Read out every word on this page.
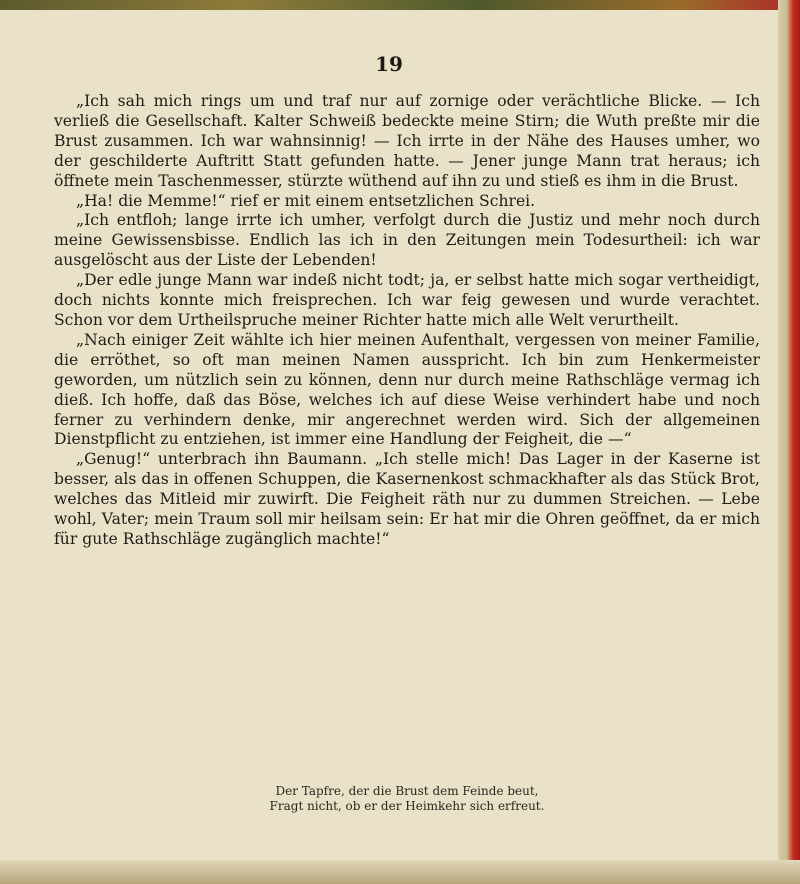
19

„Ich sah mich rings um und traf nur auf zornige oder verächtliche Blicke. — Ich verließ die Gesellschaft. Kalter Schweiß bedeckte meine Stirn; die Wuth preßte mir die Brust zusammen. Ich war wahnsinnig! — Ich irrte in der Nähe des Hauses umher, wo der geschilderte Auftritt Statt gefunden hatte. — Jener junge Mann trat heraus; ich öffnete mein Taschenmesser, stürzte wüthend auf ihn zu und stieß es ihm in die Brust.

„Ha! die Memme!“ rief er mit einem entsetzlichen Schrei.

„Ich entfloh; lange irrte ich umher, verfolgt durch die Justiz und mehr noch durch meine Gewissensbisse. Endlich las ich in den Zeitungen mein Todesurtheil: ich war ausgelöscht aus der Liste der Lebenden!

„Der edle junge Mann war indeß nicht todt; ja, er selbst hatte mich sogar vertheidigt, doch nichts konnte mich freisprechen. Ich war feig gewesen und wurde verachtet. Schon vor dem Urtheilspruche meiner Richter hatte mich alle Welt verurtheilt.

„Nach einiger Zeit wählte ich hier meinen Aufenthalt, vergessen von meiner Familie, die erröthet, so oft man meinen Namen ausspricht. Ich bin zum Henkermeister geworden, um nützlich sein zu können, denn nur durch meine Rathschläge vermag ich dieß. Ich hoffe, daß das Böse, welches ich auf diese Weise verhindert habe und noch ferner zu verhindern denke, mir angerechnet werden wird. Sich der allgemeinen Dienstpflicht zu entziehen, ist immer eine Handlung der Feigheit, die —“

„Genug!“ unterbrach ihn Baumann. „Ich stelle mich! Das Lager in der Kaserne ist besser, als das in offenen Schuppen, die Kasernenkost schmackhafter als das Stück Brot, welches das Mitleid mir zuwirft. Die Feigheit räth nur zu dummen Streichen. — Lebe wohl, Vater; mein Traum soll mir heilsam sein: Er hat mir die Ohren geöffnet, da er mich für gute Rathschläge zugänglich machte!“

Der Tapfre, der die Brust dem Feinde beut,
Fragt nicht, ob er der Heimkehr sich erfreut.
